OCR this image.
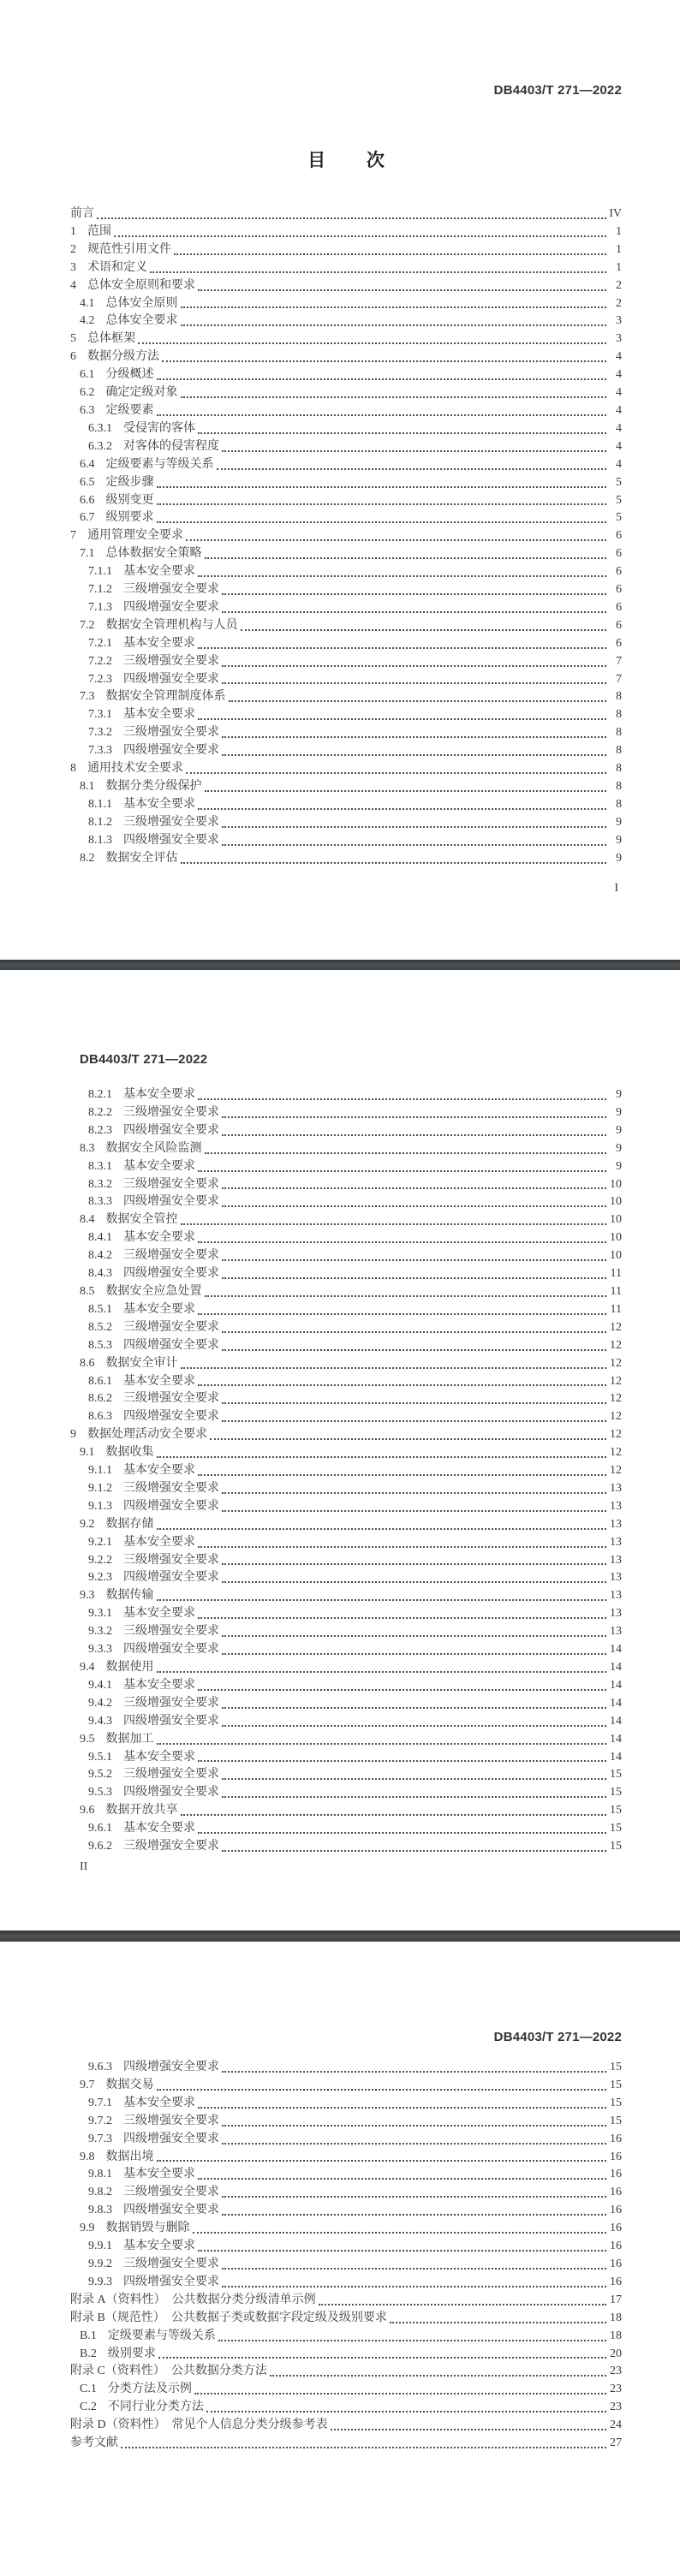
DB4403/T 271—2022
目 次
前言	IV
1 范围	1
2 规范性引用文件	1
3 术语和定义	1
4 总体安全原则和要求	2
4.1 总体安全原则	2
4.2 总体安全要求	3
5 总体框架	3
6 数据分级方法	4
6.1 分级概述	4
6.2 确定定级对象	4
6.3 定级要素	4
6.3.1 受侵害的客体	4
6.3.2 对客体的侵害程度	4
6.4 定级要素与等级关系	4
6.5 定级步骤	5
6.6 级别变更	5
6.7 级别要求	5
7 通用管理安全要求	6
7.1 总体数据安全策略	6
7.1.1 基本安全要求	6
7.1.2 三级增强安全要求	6
7.1.3 四级增强安全要求	6
7.2 数据安全管理机构与人员	6
7.2.1 基本安全要求	6
7.2.2 三级增强安全要求	7
7.2.3 四级增强安全要求	7
7.3 数据安全管理制度体系	8
7.3.1 基本安全要求	8
7.3.2 三级增强安全要求	8
7.3.3 四级增强安全要求	8
8 通用技术安全要求	8
8.1 数据分类分级保护	8
8.1.1 基本安全要求	8
8.1.2 三级增强安全要求	9
8.1.3 四级增强安全要求	9
8.2 数据安全评估	9
I
DB4403/T 271—2022
8.2.1 基本安全要求	9
8.2.2 三级增强安全要求	9
8.2.3 四级增强安全要求	9
8.3 数据安全风险监测	9
8.3.1 基本安全要求	9
8.3.2 三级增强安全要求	10
8.3.3 四级增强安全要求	10
8.4 数据安全管控	10
8.4.1 基本安全要求	10
8.4.2 三级增强安全要求	10
8.4.3 四级增强安全要求	11
8.5 数据安全应急处置	11
8.5.1 基本安全要求	11
8.5.2 三级增强安全要求	12
8.5.3 四级增强安全要求	12
8.6 数据安全审计	12
8.6.1 基本安全要求	12
8.6.2 三级增强安全要求	12
8.6.3 四级增强安全要求	12
9 数据处理活动安全要求	12
9.1 数据收集	12
9.1.1 基本安全要求	12
9.1.2 三级增强安全要求	13
9.1.3 四级增强安全要求	13
9.2 数据存储	13
9.2.1 基本安全要求	13
9.2.2 三级增强安全要求	13
9.2.3 四级增强安全要求	13
9.3 数据传输	13
9.3.1 基本安全要求	13
9.3.2 三级增强安全要求	13
9.3.3 四级增强安全要求	14
9.4 数据使用	14
9.4.1 基本安全要求	14
9.4.2 三级增强安全要求	14
9.4.3 四级增强安全要求	14
9.5 数据加工	14
9.5.1 基本安全要求	14
9.5.2 三级增强安全要求	15
9.5.3 四级增强安全要求	15
9.6 数据开放共享	15
9.6.1 基本安全要求	15
9.6.2 三级增强安全要求	15
II
DB4403/T 271—2022
9.6.3 四级增强安全要求	15
9.7 数据交易	15
9.7.1 基本安全要求	15
9.7.2 三级增强安全要求	15
9.7.3 四级增强安全要求	16
9.8 数据出境	16
9.8.1 基本安全要求	16
9.8.2 三级增强安全要求	16
9.8.3 四级增强安全要求	16
9.9 数据销毁与删除	16
9.9.1 基本安全要求	16
9.9.2 三级增强安全要求	16
9.9.3 四级增强安全要求	16
附录 A（资料性）　公共数据分类分级清单示例	17
附录 B（规范性）　公共数据子类或数据字段定级及级别要求	18
B.1 定级要素与等级关系	18
B.2 级别要求	20
附录 C（资料性）　公共数据分类方法	23
C.1 分类方法及示例	23
C.2 不同行业分类方法	23
附录 D（资料性）　常见个人信息分类分级参考表	24
参考文献	27
